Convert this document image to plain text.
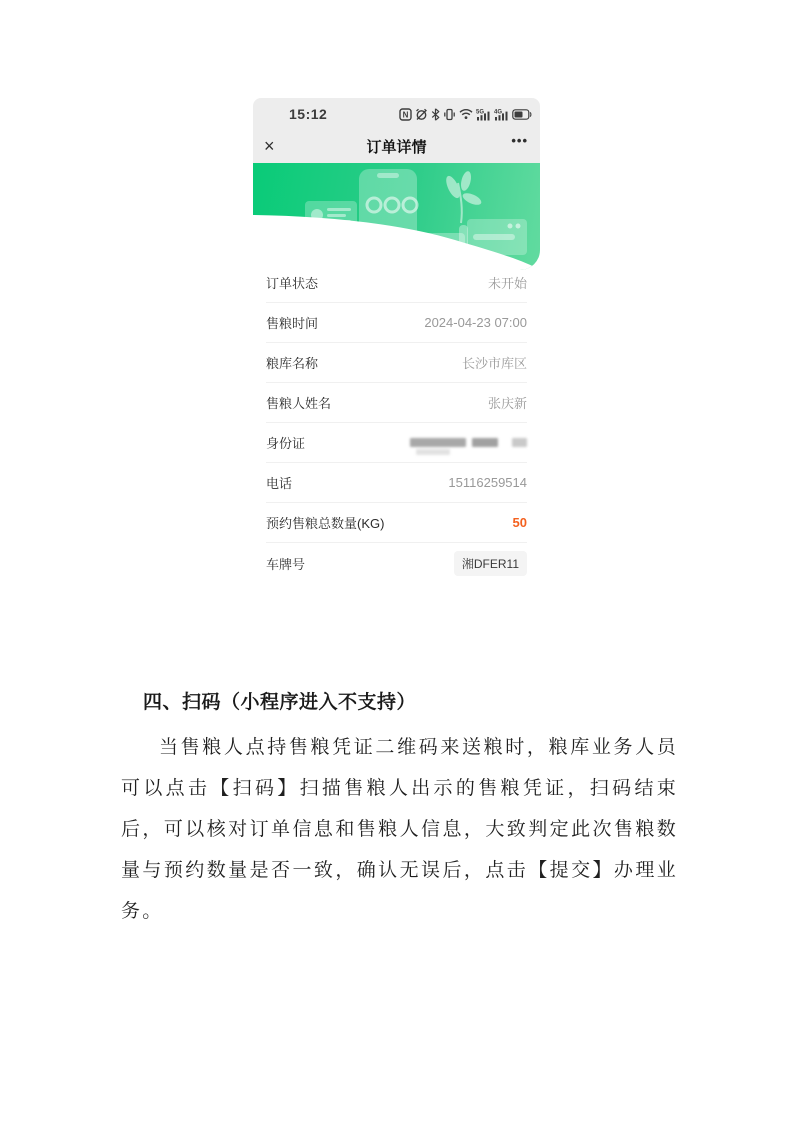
15:12	N	5G 4G
×	订单详情	•••
订单状态	未开始
售粮时间	2024-04-23 07:00
粮库名称	长沙市库区
售粮人姓名	张庆新
身份证
电话	15116259514
预约售粮总数量(KG)	50
车牌号	湘DFER11
四、扫码（小程序进入不支持）
当售粮人点持售粮凭证二维码来送粮时，粮库业务人员可以点击【扫码】扫描售粮人出示的售粮凭证，扫码结束后，可以核对订单信息和售粮人信息，大致判定此次售粮数量与预约数量是否一致，确认无误后，点击【提交】办理业务。
